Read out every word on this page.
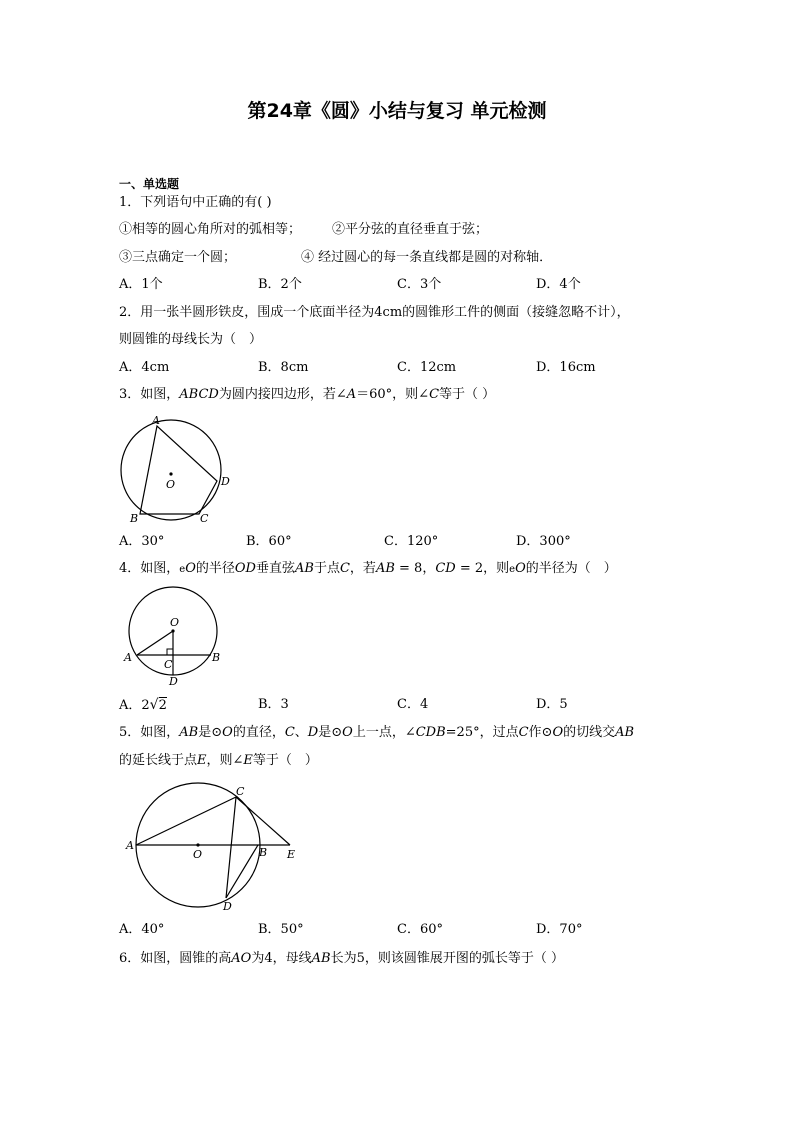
第24章《圆》小结与复习 单元检测
一、单选题
1．下列语句中正确的有( )
①相等的圆心角所对的弧相等； ②平分弦的直径垂直于弦；
③三点确定一个圆；	④ 经过圆心的每一条直线都是圆的对称轴．
A．1个	B．2个	C．3个	D．4个
2．用一张半圆形铁皮，围成一个底面半径为4cm的圆锥形工件的侧面（接缝忽略不计），
则圆锥的母线长为（　）
A．4cm	B．8cm	C．12cm	D．16cm
3．如图，ABCD为圆内接四边形，若∠A＝60°，则∠C等于（ ）
A
B	C
D
O
A．30°	B．60°	C．120°	D．300°
4．如图，eO的半径OD垂直弦AB于点C，若AB = 8，CD = 2，则eO的半径为（　）
O
A	B
C
D
A．2√2	B．3	C．4	D．5
5．如图，AB是⊙O的直径，C、D是⊙O上一点，∠CDB=25°，过点C作⊙O的切线交AB
的延长线于点E，则∠E等于（　）
A
O	B E
C
D
A．40°	B．50°	C．60°	D．70°
6．如图，圆锥的高AO为4，母线AB长为5，则该圆锥展开图的弧长等于（ ）
